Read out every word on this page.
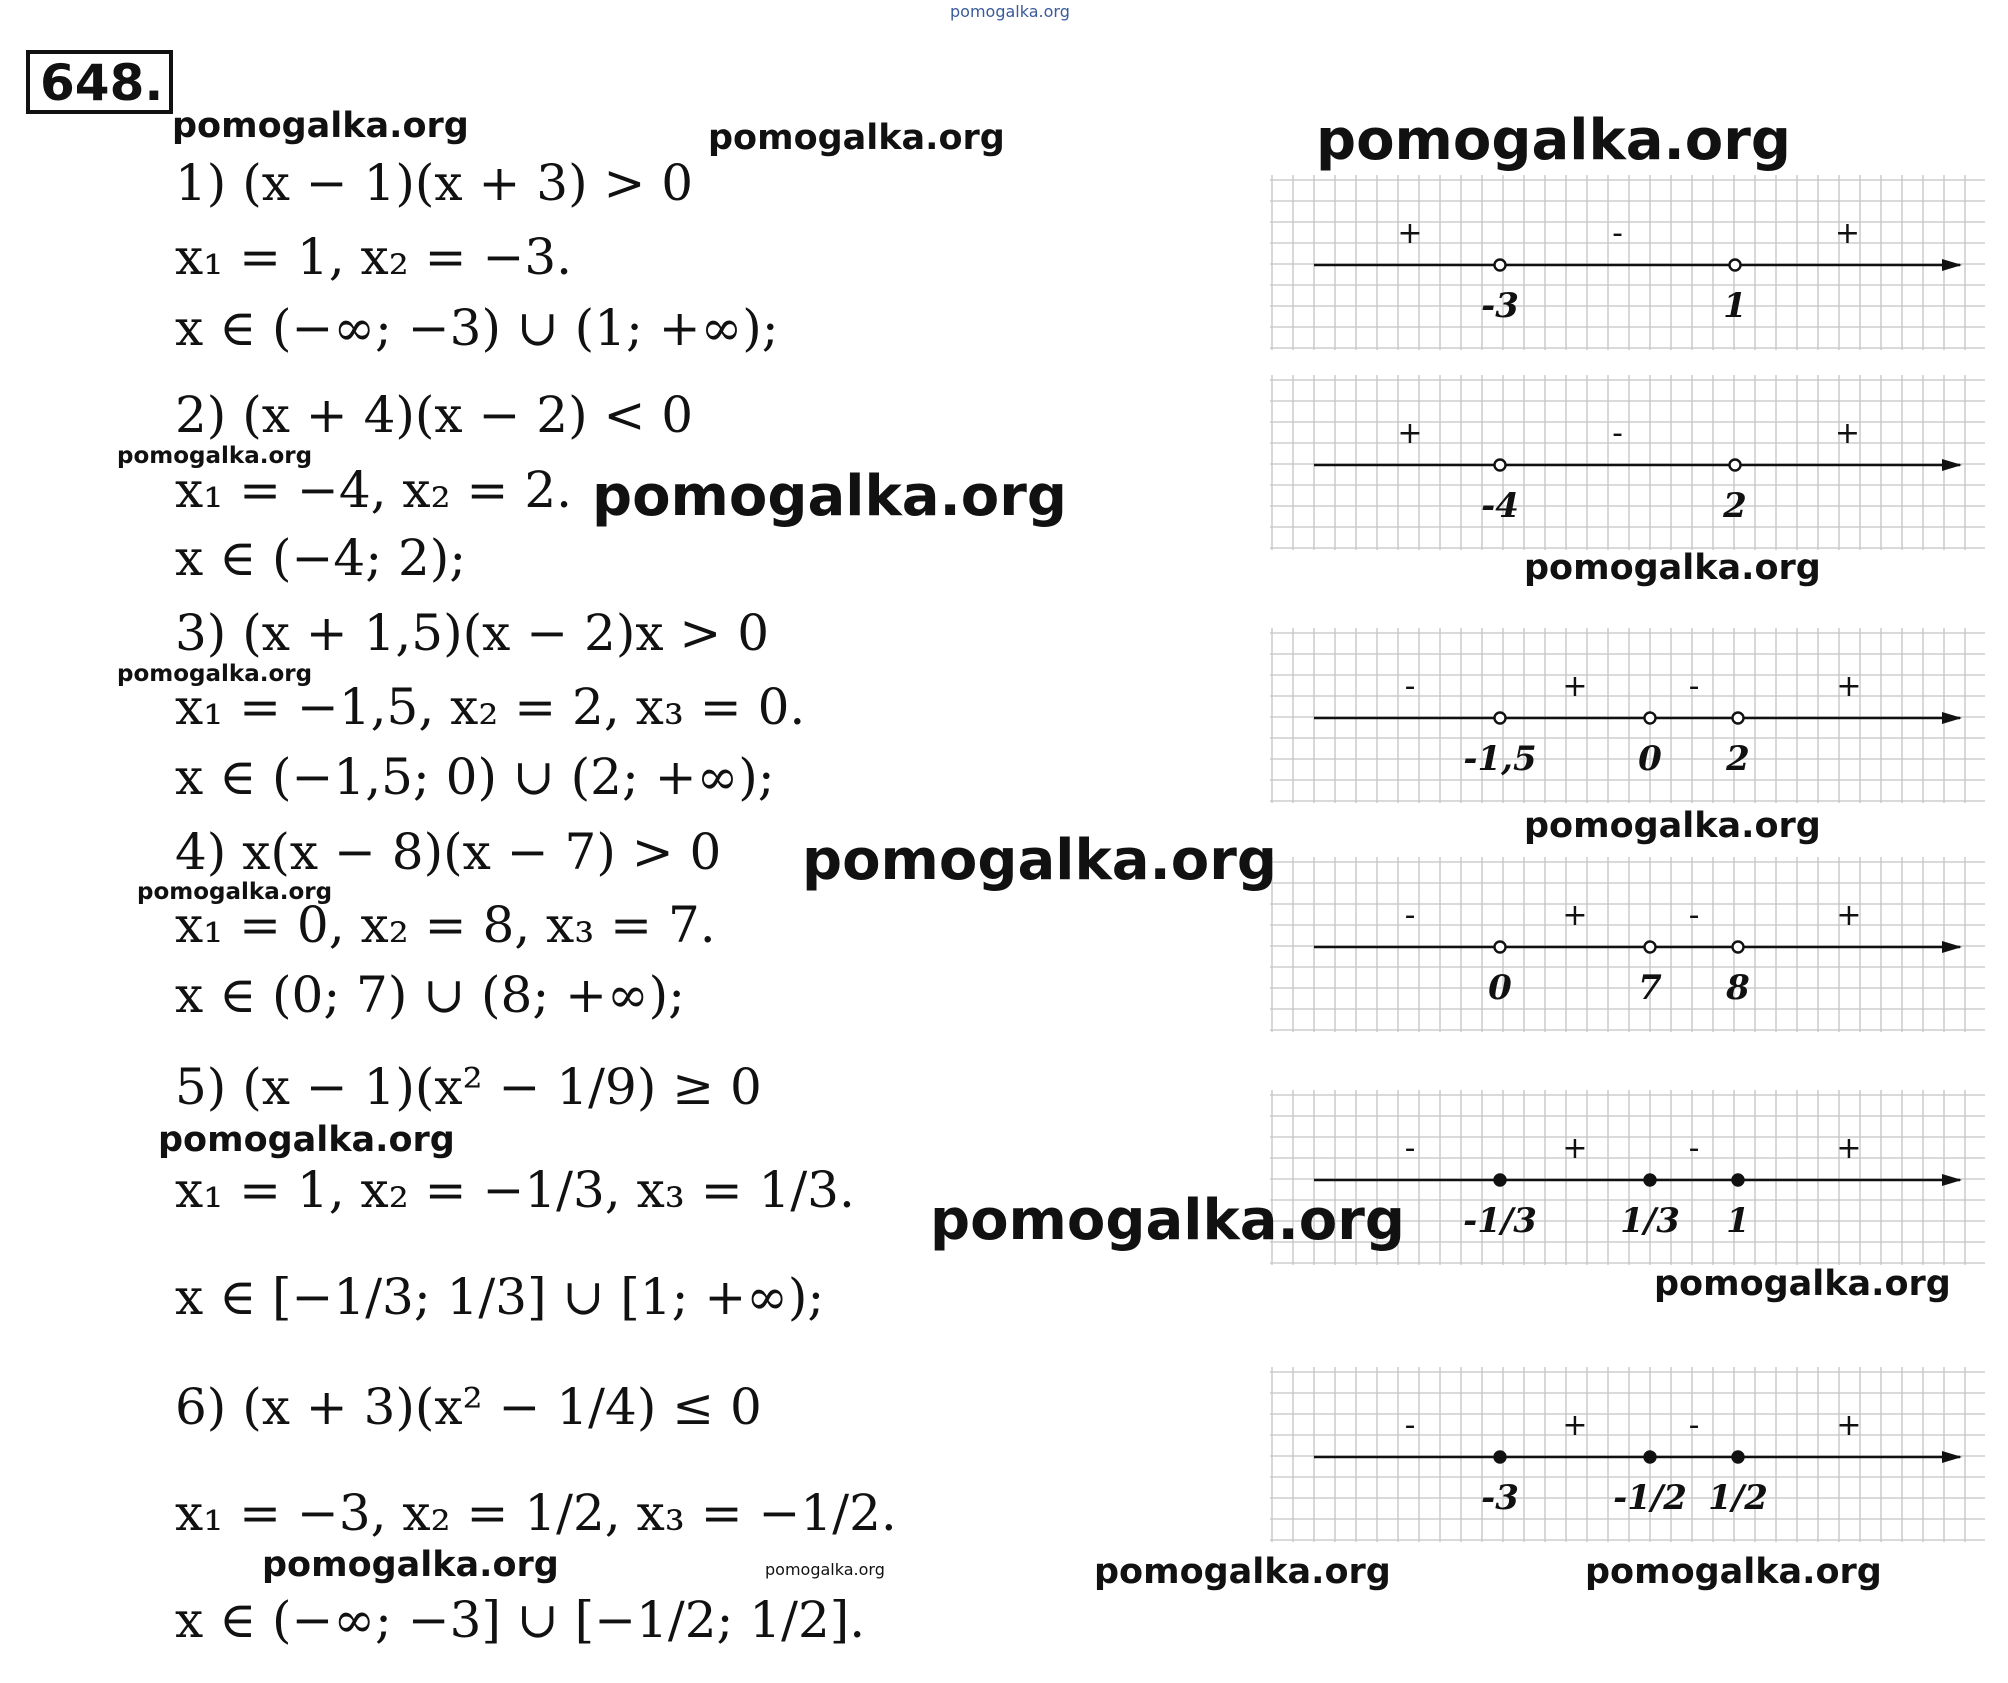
pomogalka.org
648.
1) (x − 1)(x + 3) > 0
x₁ = 1, x₂ = −3.
x ∈ (−∞; −3) ∪ (1; +∞);
2) (x + 4)(x − 2) < 0
x₁ = −4, x₂ = 2.
x ∈ (−4; 2);
3) (x + 1,5)(x − 2)x > 0
x₁ = −1,5, x₂ = 2, x₃ = 0.
x ∈ (−1,5; 0) ∪ (2; +∞);
4) x(x − 8)(x − 7) > 0
x₁ = 0, x₂ = 8, x₃ = 7.
x ∈ (0; 7) ∪ (8; +∞);
5) (x − 1)(x² − 1/9) ≥ 0
x₁ = 1, x₂ = −1/3, x₃ = 1/3.
x ∈ [−1/3; 1/3] ∪ [1; +∞);
6) (x + 3)(x² − 1/4) ≤ 0
x₁ = −3, x₂ = 1/2, x₃ = −1/2.
x ∈ (−∞; −3] ∪ [−1/2; 1/2].
-3	1
+	-	+
-4	2
+	-	+
-1,5	0 2
-	+	-	+
0	7 8
-	+	-	+
-1/3 1/3 1
-	+	-	+
-3	-1/2 1/2
-	+	-	+
pomogalka.org	pomogalka.org	pomogalka.org
pomogalka.org
pomogalka.org
pomogalka.org
pomogalka.org
pomogalka.org
pomogalka.org
pomogalka.org
pomogalka.org
pomogalka.org
pomogalka.org
pomogalka.org	pomogalka.org	pomogalka.org	pomogalka.org
